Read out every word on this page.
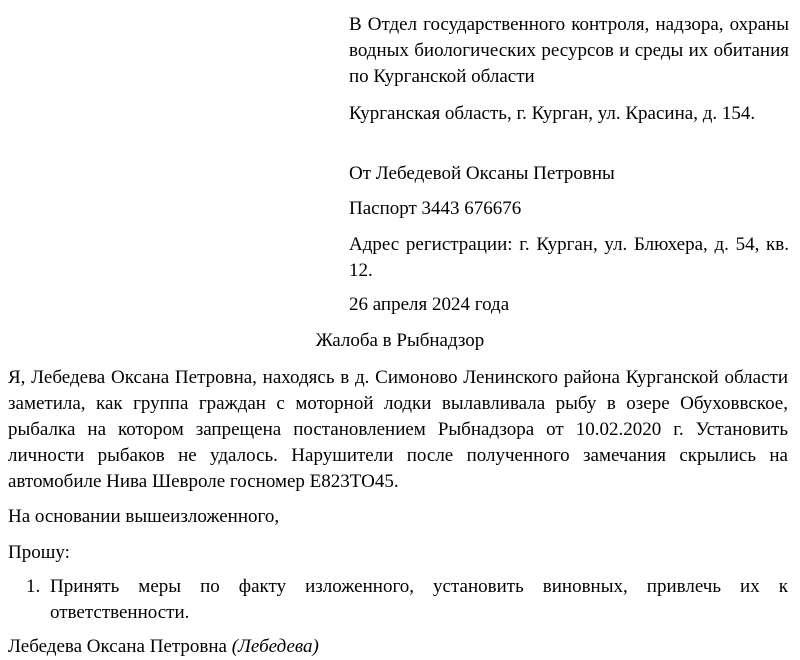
В Отдел государственного контроля, надзора, охраны водных биологических ресурсов и среды их обитания по Курганской области

Курганская область, г. Курган, ул. Красина, д. 154.

От Лебедевой Оксаны Петровны

Паспорт 3443 676676

Адрес регистрации: г. Курган, ул. Блюхера, д. 54, кв. 12.

26 апреля 2024 года

Жалоба в Рыбнадзор

Я, Лебедева Оксана Петровна, находясь в д. Симоново Ленинского района Курганской области заметила, как группа граждан с моторной лодки вылавливала рыбу в озере Обуховвское, рыбалка на котором запрещена постановлением Рыбнадзора от 10.02.2020 г. Установить личности рыбаков не удалось. Нарушители после полученного замечания скрылись на автомобиле Нива Шевроле госномер Е823ТО45.

На основании вышеизложенного,

Прошу:

1. Принять меры по факту изложенного, установить виновных, привлечь их к ответственности.

Лебедева Оксана Петровна (Лебедева)
